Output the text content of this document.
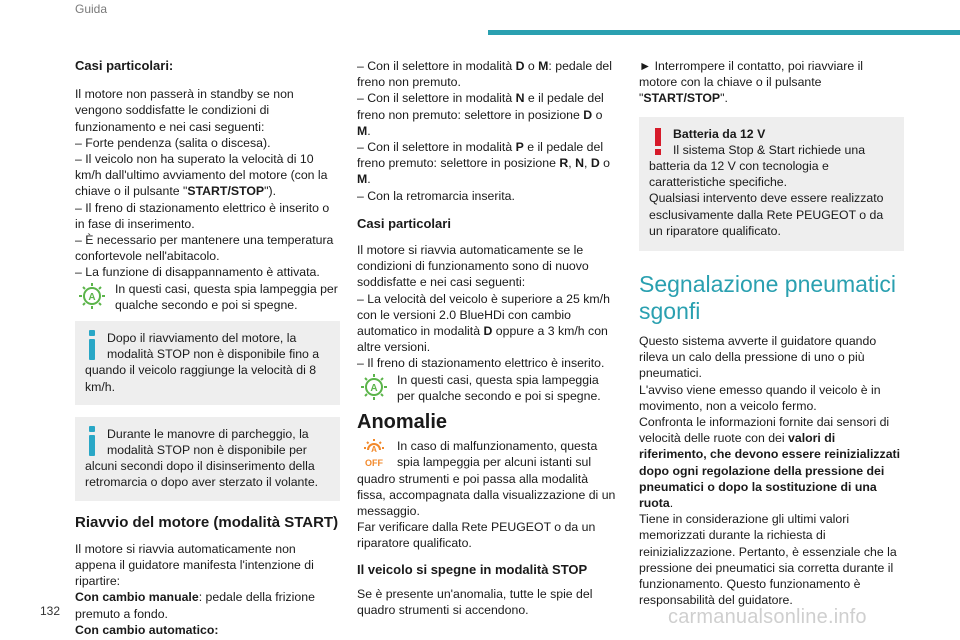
Guida

Casi particolari:

Il motore non passerà in standby se non vengono soddisfatte le condizioni di funzionamento e nei casi seguenti:

– Forte pendenza (salita o discesa).

– Il veicolo non ha superato la velocità di 10 km/h dall'ultimo avviamento del motore (con la chiave o il pulsante "START/STOP").

– Il freno di stazionamento elettrico è inserito o in fase di inserimento.

– È necessario per mantenere una temperatura confortevole nell'abitacolo.

– La funzione di disappannamento è attivata.

A

In questi casi, questa spia lampeggia per qualche secondo e poi si spegne.

Dopo il riavviamento del motore, la modalità STOP non è disponibile fino a quando il veicolo raggiunge la velocità di 8 km/h.

Durante le manovre di parcheggio, la modalità STOP non è disponibile per alcuni secondi dopo il disinserimento della retromarcia o dopo aver sterzato il volante.

Riavvio del motore (modalità START)

Il motore si riavvia automaticamente non appena il guidatore manifesta l'intenzione di ripartire:

Con cambio manuale: pedale della frizione premuto a fondo.

Con cambio automatico:

– Con il selettore in modalità D o M: pedale del freno non premuto.

– Con il selettore in modalità N e il pedale del freno non premuto: selettore in posizione D o M.

– Con il selettore in modalità P e il pedale del freno premuto: selettore in posizione R, N, D o M.

– Con la retromarcia inserita.

Casi particolari

Il motore si riavvia automaticamente se le condizioni di funzionamento sono di nuovo soddisfatte e nei casi seguenti:

– La velocità del veicolo è superiore a 25 km/h con le versioni 2.0 BlueHDi con cambio automatico in modalità D oppure a 3 km/h con altre versioni.

– Il freno di stazionamento elettrico è inserito.

A

In questi casi, questa spia lampeggia per qualche secondo e poi si spegne.

Anomalie

A
OFF

In caso di malfunzionamento, questa spia lampeggia per alcuni istanti sul quadro strumenti e poi passa alla modalità fissa, accompagnata dalla visualizzazione di un messaggio.

Far verificare dalla Rete PEUGEOT o da un riparatore qualificato.

Il veicolo si spegne in modalità STOP

Se è presente un'anomalia, tutte le spie del quadro strumenti si accendono.

► Interrompere il contatto, poi riavviare il motore con la chiave o il pulsante "START/STOP".

Batteria da 12 V

Il sistema Stop & Start richiede una batteria da 12 V con tecnologia e caratteristiche specifiche.

Qualsiasi intervento deve essere realizzato esclusivamente dalla Rete PEUGEOT o da un riparatore qualificato.

Segnalazione pneumatici sgonfi

Questo sistema avverte il guidatore quando rileva un calo della pressione di uno o più pneumatici.

L'avviso viene emesso quando il veicolo è in movimento, non a veicolo fermo.

Confronta le informazioni fornite dai sensori di velocità delle ruote con dei valori di riferimento, che devono essere reinizializzati dopo ogni regolazione della pressione dei pneumatici o dopo la sostituzione di una ruota.

Tiene in considerazione gli ultimi valori memorizzati durante la richiesta di reinizializzazione. Pertanto, è essenziale che la pressione dei pneumatici sia corretta durante il funzionamento. Questo funzionamento è responsabilità del guidatore.

132	carmanualsonline.info
